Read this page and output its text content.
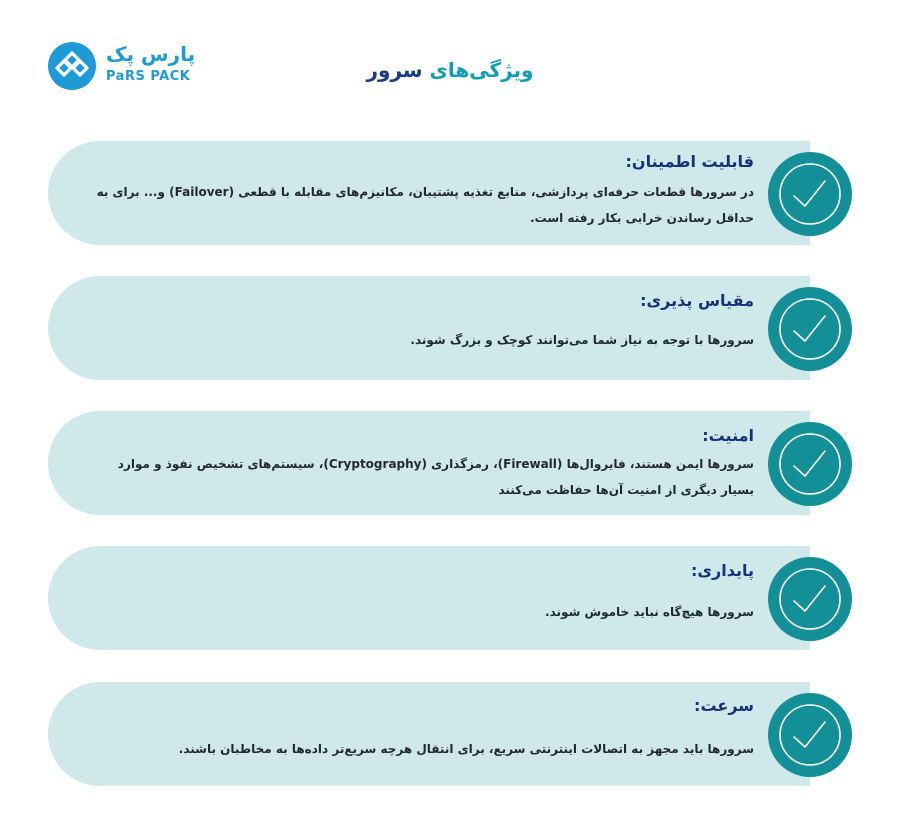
پارس پک
PaRS PACK	ویژگی‌های سرور
قابلیت اطمینان:
در سرورها قطعات حرفه‌ای پردازشی، منابع تغذیه پشتیبان، مکانیزم‌های مقابله با قطعی (Failover) و... برای به حداقل رساندن خرابی بکار رفته است.
مقیاس پذیری:
سرورها با توجه به نیاز شما می‌توانند کوچک و بزرگ شوند.
امنیت:
سرورها ایمن هستند، فایروال‌ها (Firewall)، رمزگذاری (Cryptography)، سیستم‌های تشخیص نفوذ و موارد بسیار دیگری از امنیت آن‌ها حفاظت می‌کنند
پایداری:
سرورها هیچ‌گاه نباید خاموش شوند.
سرعت:
سرورها باید مجهز به اتصالات اینترنتی سریع، برای انتقال هرچه سریع‌تر داده‌ها به مخاطبان باشند.
